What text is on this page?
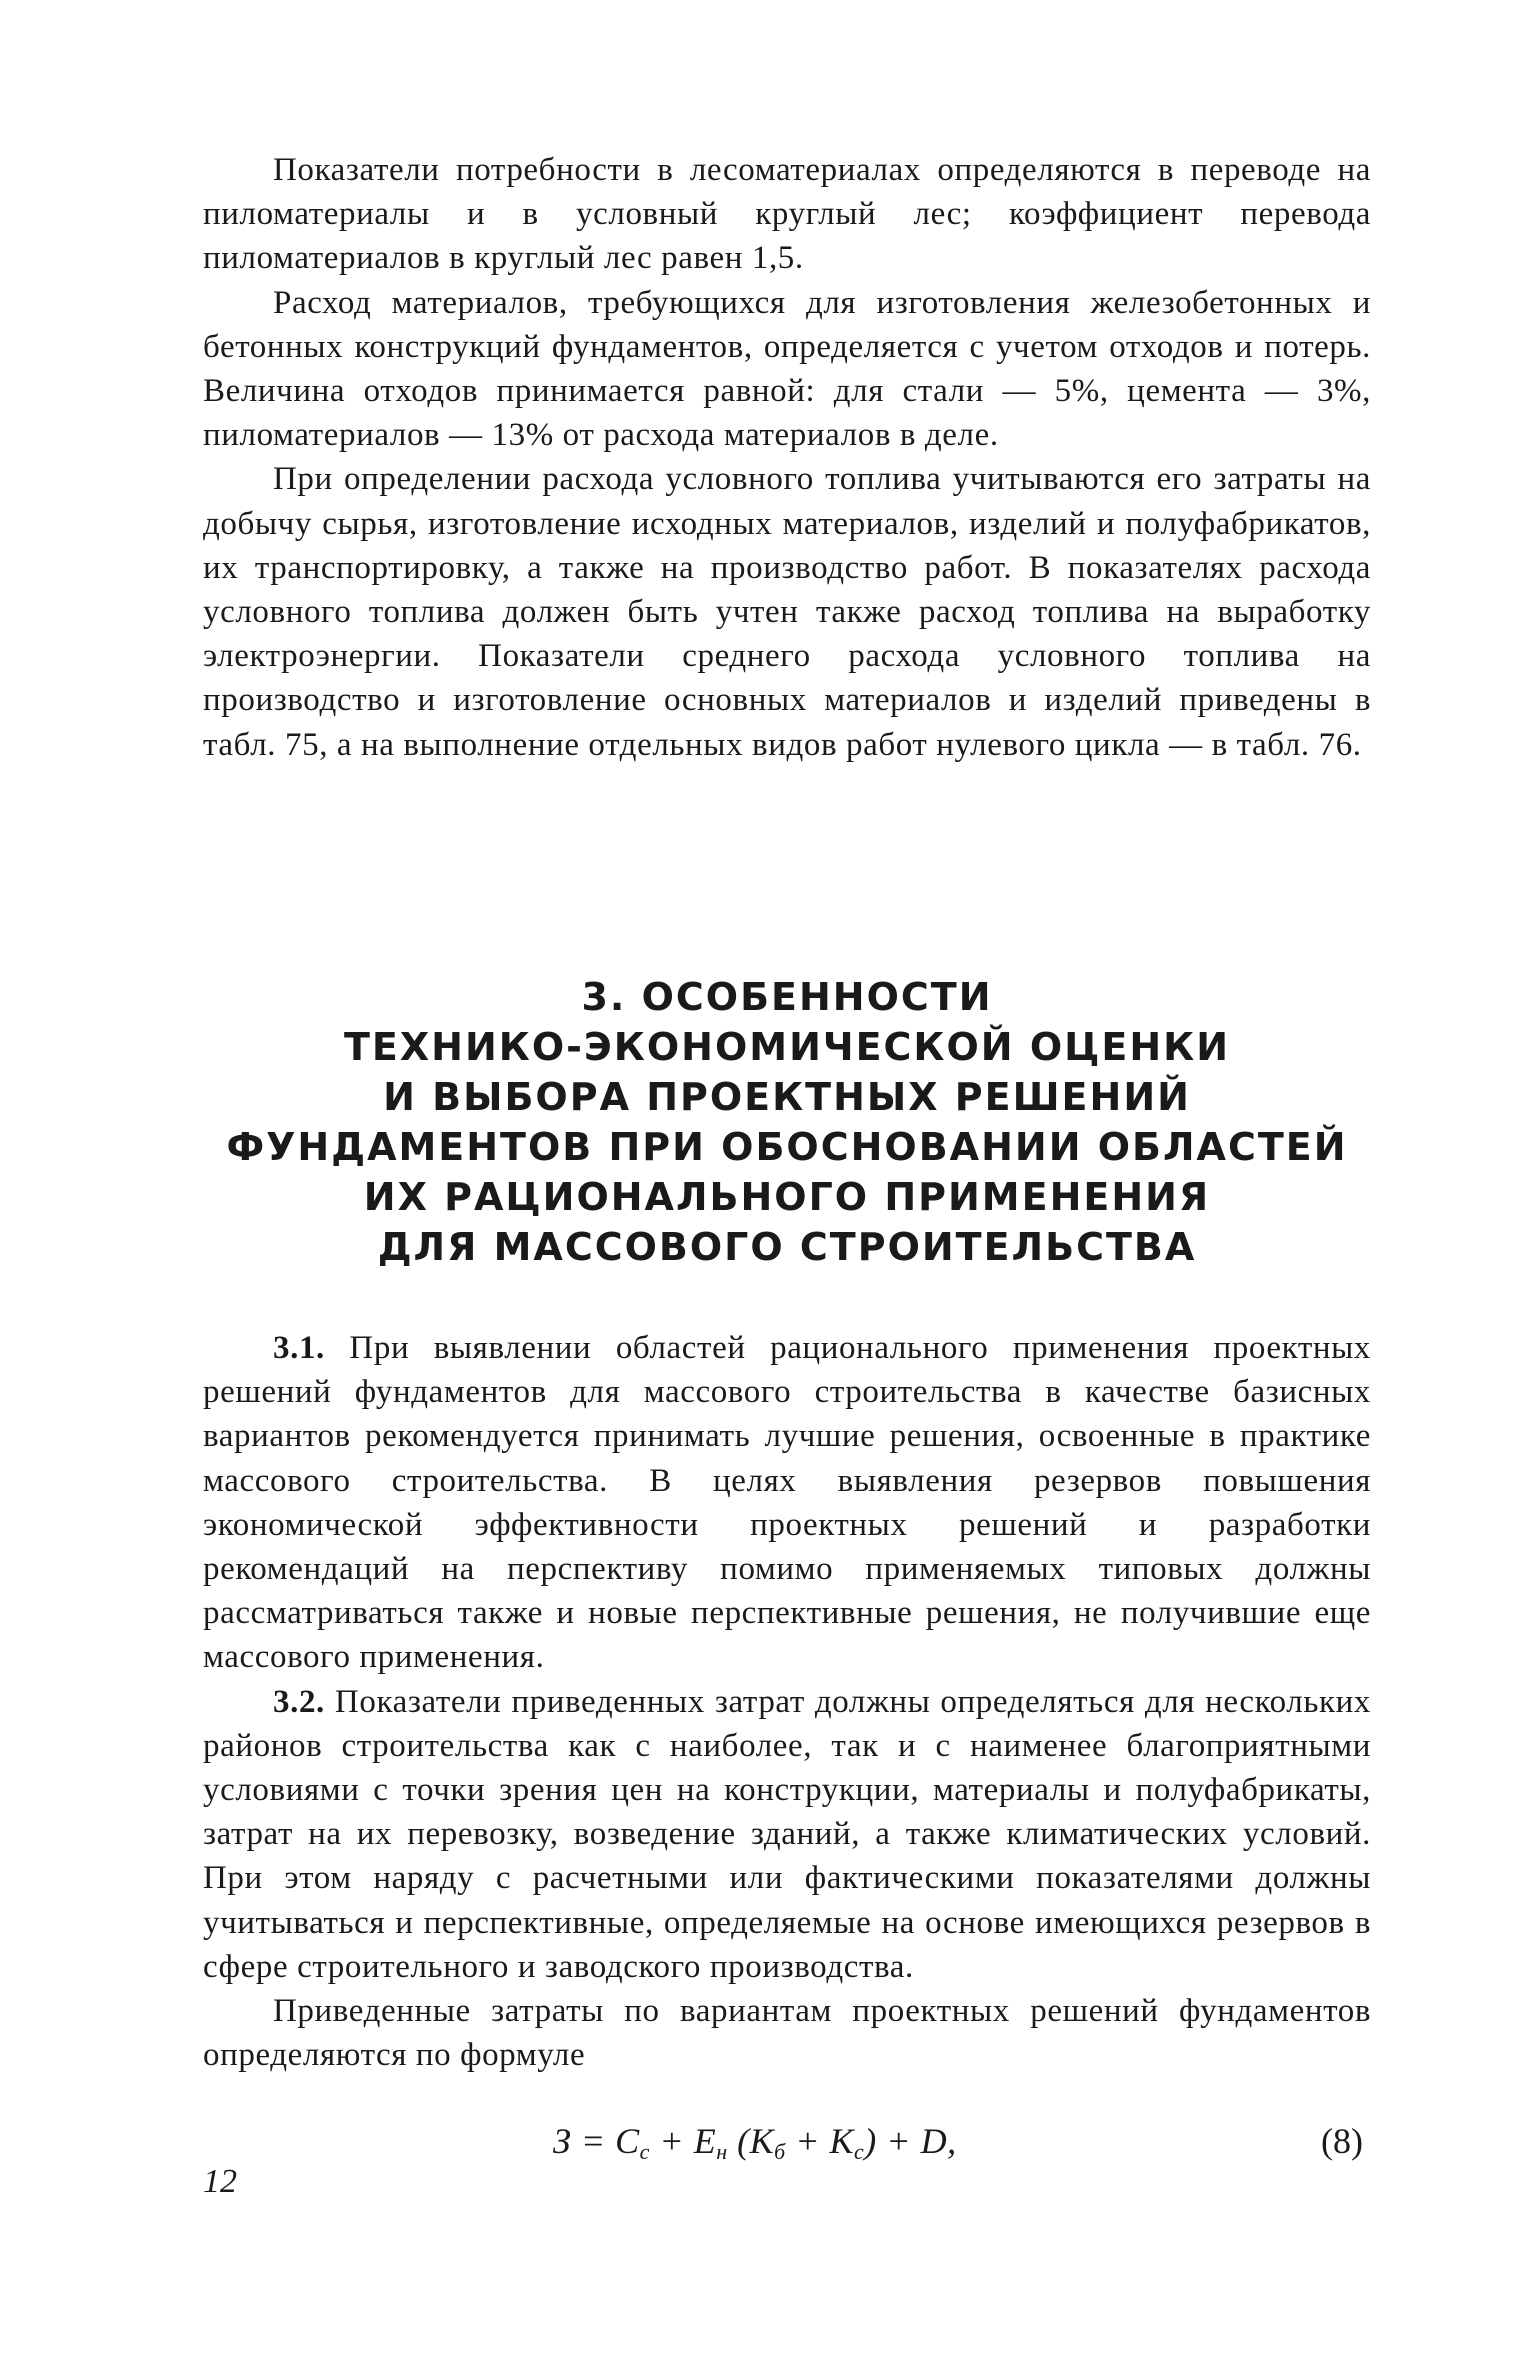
Показатели потребности в лесоматериалах определяются в переводе на пиломатериалы и в условный круглый лес; коэффициент перевода пиломатериалов в круглый лес равен 1,5.

Расход материалов, требующихся для изготовления железобетонных и бетонных конструкций фундаментов, определяется с учетом отходов и потерь. Величина отходов принимается равной: для стали — 5%, цемента — 3%, пиломатериалов — 13% от расхода материалов в деле.

При определении расхода условного топлива учитываются его затраты на добычу сырья, изготовление исходных материалов, изделий и полуфабрикатов, их транспортировку, а также на производство работ. В показателях расхода условного топлива должен быть учтен также расход топлива на выработку электроэнергии. Показатели среднего расхода условного топлива на производство и изготовление основных материалов и изделий приведены в табл. 75, а на выполнение отдельных видов работ нулевого цикла — в табл. 76.

3. ОСОБЕННОСТИ
ТЕХНИКО-ЭКОНОМИЧЕСКОЙ ОЦЕНКИ
И ВЫБОРА ПРОЕКТНЫХ РЕШЕНИЙ
ФУНДАМЕНТОВ ПРИ ОБОСНОВАНИИ ОБЛАСТЕЙ
ИХ РАЦИОНАЛЬНОГО ПРИМЕНЕНИЯ
ДЛЯ МАССОВОГО СТРОИТЕЛЬСТВА

3.1. При выявлении областей рационального применения проектных решений фундаментов для массового строительства в качестве базисных вариантов рекомендуется принимать лучшие решения, освоенные в практике массового строительства. В целях выявления резервов повышения экономической эффективности проектных решений и разработки рекомендаций на перспективу помимо применяемых типовых должны рассматриваться также и новые перспективные решения, не получившие еще массового применения.

3.2. Показатели приведенных затрат должны определяться для нескольких районов строительства как с наиболее, так и с наименее благоприятными условиями с точки зрения цен на конструкции, материалы и полуфабрикаты, затрат на их перевозку, возведение зданий, а также климатических условий. При этом наряду с расчетными или фактическими показателями должны учитываться и перспективные, определяемые на основе имеющихся резервов в сфере строительного и заводского производства.

Приведенные затраты по вариантам проектных решений фундаментов определяются по формуле

$З = C_c + E_н$ $(K_б + K_c) + D$,	(8)
12
